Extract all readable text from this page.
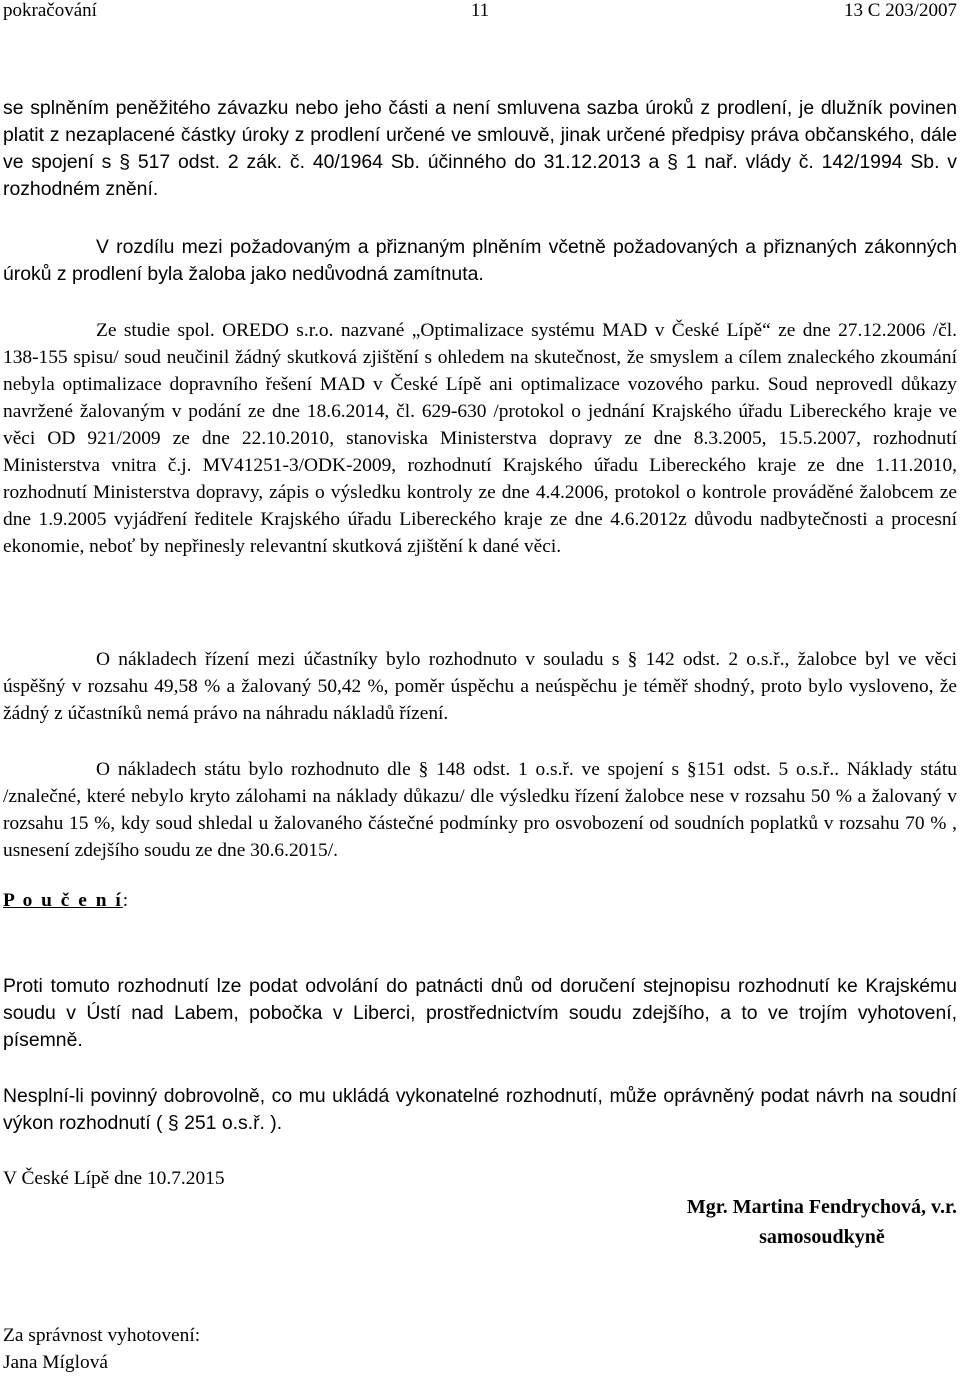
pokračování	11	13 C 203/2007

se splněním peněžitého závazku nebo jeho části a není smluvena sazba úroků z prodlení, je dlužník povinen platit z nezaplacené částky úroky z prodlení určené ve smlouvě, jinak určené předpisy práva občanského, dále ve spojení s § 517 odst. 2 zák. č. 40/1964 Sb. účinného do 31.12.2013 a § 1 nař. vlády č. 142/1994 Sb. v rozhodném znění.

V rozdílu mezi požadovaným a přiznaným plněním včetně požadovaných a přiznaných zákonných úroků z prodlení byla žaloba jako nedůvodná zamítnuta.

Ze studie spol. OREDO s.r.o. nazvané „Optimalizace systému MAD v České Lípě“ ze dne 27.12.2006 /čl. 138-155 spisu/ soud neučinil žádný skutková zjištění s ohledem na skutečnost, že smyslem a cílem znaleckého zkoumání nebyla optimalizace dopravního řešení MAD v České Lípě ani optimalizace vozového parku. Soud neprovedl důkazy navržené žalovaným v podání ze dne 18.6.2014, čl. 629-630 /protokol o jednání Krajského úřadu Libereckého kraje ve věci OD 921/2009 ze dne 22.10.2010, stanoviska Ministerstva dopravy ze dne 8.3.2005, 15.5.2007, rozhodnutí Ministerstva vnitra č.j. MV41251-3/ODK-2009, rozhodnutí Krajského úřadu Libereckého kraje ze dne 1.11.2010, rozhodnutí Ministerstva dopravy, zápis o výsledku kontroly ze dne 4.4.2006, protokol o kontrole prováděné žalobcem ze dne 1.9.2005 vyjádření ředitele Krajského úřadu Libereckého kraje ze dne 4.6.2012z důvodu nadbytečnosti a procesní ekonomie, neboť by nepřinesly relevantní skutková zjištění k dané věci.

O nákladech řízení mezi účastníky bylo rozhodnuto v souladu s § 142 odst. 2 o.s.ř., žalobce byl ve věci úspěšný v rozsahu 49,58 % a žalovaný 50,42 %, poměr úspěchu a neúspěchu je téměř shodný, proto bylo vysloveno, že žádný z účastníků nemá právo na náhradu nákladů řízení.

O nákladech státu bylo rozhodnuto dle § 148 odst. 1 o.s.ř. ve spojení s §151 odst. 5 o.s.ř.. Náklady státu /znalečné, které nebylo kryto zálohami na náklady důkazu/ dle výsledku řízení žalobce nese v rozsahu 50 % a žalovaný v rozsahu 15 %, kdy soud shledal u žalovaného částečné podmínky pro osvobození od soudních poplatků v rozsahu 70 % , usnesení zdejšího soudu ze dne 30.6.2015/.

P o u č e n í:

Proti tomuto rozhodnutí lze podat odvolání do patnácti dnů od doručení stejnopisu rozhodnutí ke Krajskému soudu v Ústí nad Labem, pobočka v Liberci, prostřednictvím soudu zdejšího, a to ve trojím vyhotovení, písemně.

Nesplní-li povinný dobrovolně, co mu ukládá vykonatelné rozhodnutí, může oprávněný podat návrh na soudní výkon rozhodnutí ( § 251 o.s.ř. ).

V České Lípě dne 10.7.2015

Mgr. Martina Fendrychová, v.r.
samosoudkyně
Za správnost vyhotovení:
Jana Míglová
